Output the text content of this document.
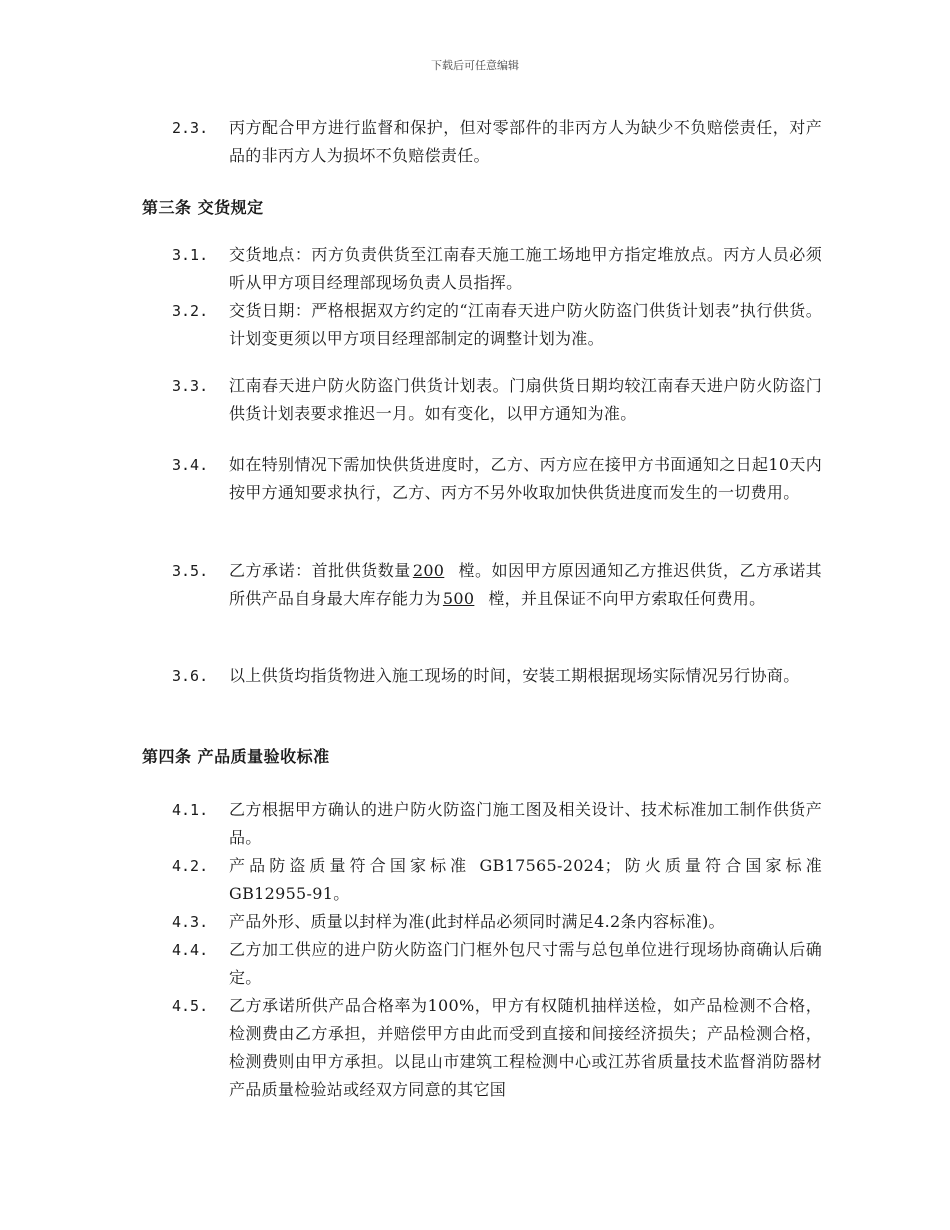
下载后可任意编辑
2.3.	丙方配合甲方进行监督和保护，但对零部件的非丙方人为缺少不负赔偿责任，对产品的非丙方人为损坏不负赔偿责任。
第三条 交货规定
3.1.	交货地点：丙方负责供货至江南春天施工施工场地甲方指定堆放点。丙方人员必须听从甲方项目经理部现场负责人员指挥。
3.2.	交货日期：严格根据双方约定的“江南春天进户防火防盗门供货计划表”执行供货。计划变更须以甲方项目经理部制定的调整计划为准。
3.3.	江南春天进户防火防盗门供货计划表。门扇供货日期均较江南春天进户防火防盗门供货计划表要求推迟一月。如有变化，以甲方通知为准。
3.4.	如在特别情况下需加快供货进度时，乙方、丙方应在接甲方书面通知之日起10天内按甲方通知要求执行，乙方、丙方不另外收取加快供货进度而发生的一切费用。
3.5.	乙方承诺：首批供货数量 200 樘。如因甲方原因通知乙方推迟供货，乙方承诺其所供产品自身最大库存能力为 500 樘，并且保证不向甲方索取任何费用。
3.6.	以上供货均指货物进入施工现场的时间，安装工期根据现场实际情况另行协商。
第四条 产品质量验收标准
4.1.	乙方根据甲方确认的进户防火防盗门施工图及相关设计、技术标准加工制作供货产品。
4.2.	产品防盗质量符合国家标准 GB17565-2024；防火质量符合国家标准 GB12955-91。
4.3.	产品外形、质量以封样为准(此封样品必须同时满足4.2条内容标准)。
4.4.	乙方加工供应的进户防火防盗门门框外包尺寸需与总包单位进行现场协商确认后确定。
4.5.	乙方承诺所供产品合格率为100%，甲方有权随机抽样送检，如产品检测不合格，检测费由乙方承担，并赔偿甲方由此而受到直接和间接经济损失；产品检测合格，检测费则由甲方承担。以昆山市建筑工程检测中心或江苏省质量技术监督消防器材产品质量检验站或经双方同意的其它国
